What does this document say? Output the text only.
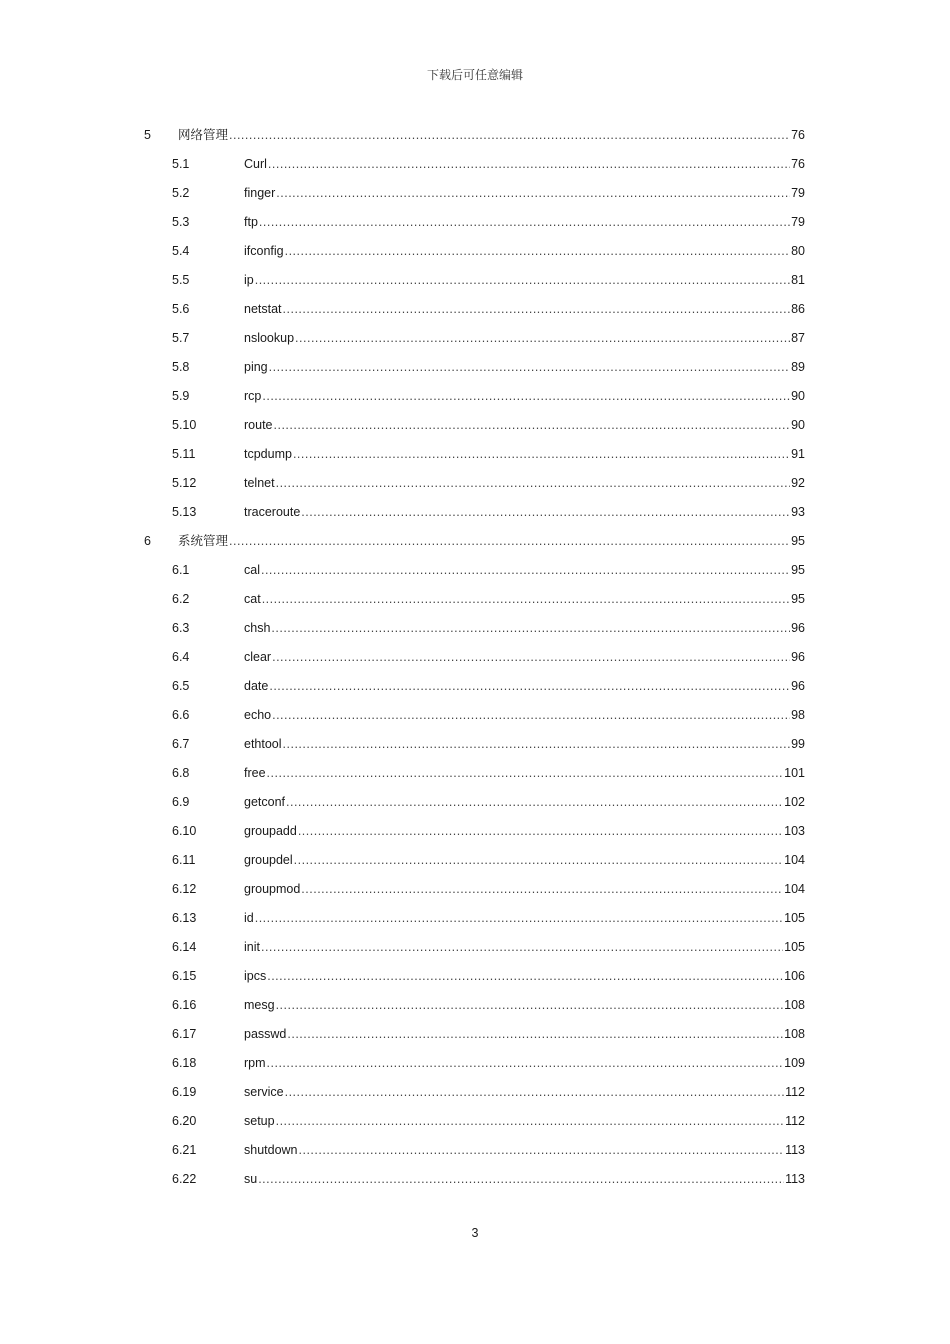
下载后可任意编辑
5	网络管理 .....	76
5.1	Curl .....	76
5.2	finger .....	79
5.3	ftp .....	79
5.4	ifconfig .....	80
5.5	ip .....	81
5.6	netstat .....	86
5.7	nslookup .....	87
5.8	ping .....	89
5.9	rcp .....	90
5.10	route .....	90
5.11	tcpdump .....	91
5.12	telnet .....	92
5.13	traceroute .....	93
6	系统管理 .....	95
6.1	cal .....	95
6.2	cat .....	95
6.3	chsh .....	96
6.4	clear .....	96
6.5	date .....	96
6.6	echo .....	98
6.7	ethtool .....	99
6.8	free .....	101
6.9	getconf .....	102
6.10	groupadd .....	103
6.11	groupdel .....	104
6.12	groupmod .....	104
6.13	id .....	105
6.14	init .....	105
6.15	ipcs .....	106
6.16	mesg .....	108
6.17	passwd .....	108
6.18	rpm .....	109
6.19	service .....	112
6.20	setup .....	112
6.21	shutdown .....	113
6.22	su .....	113
3
